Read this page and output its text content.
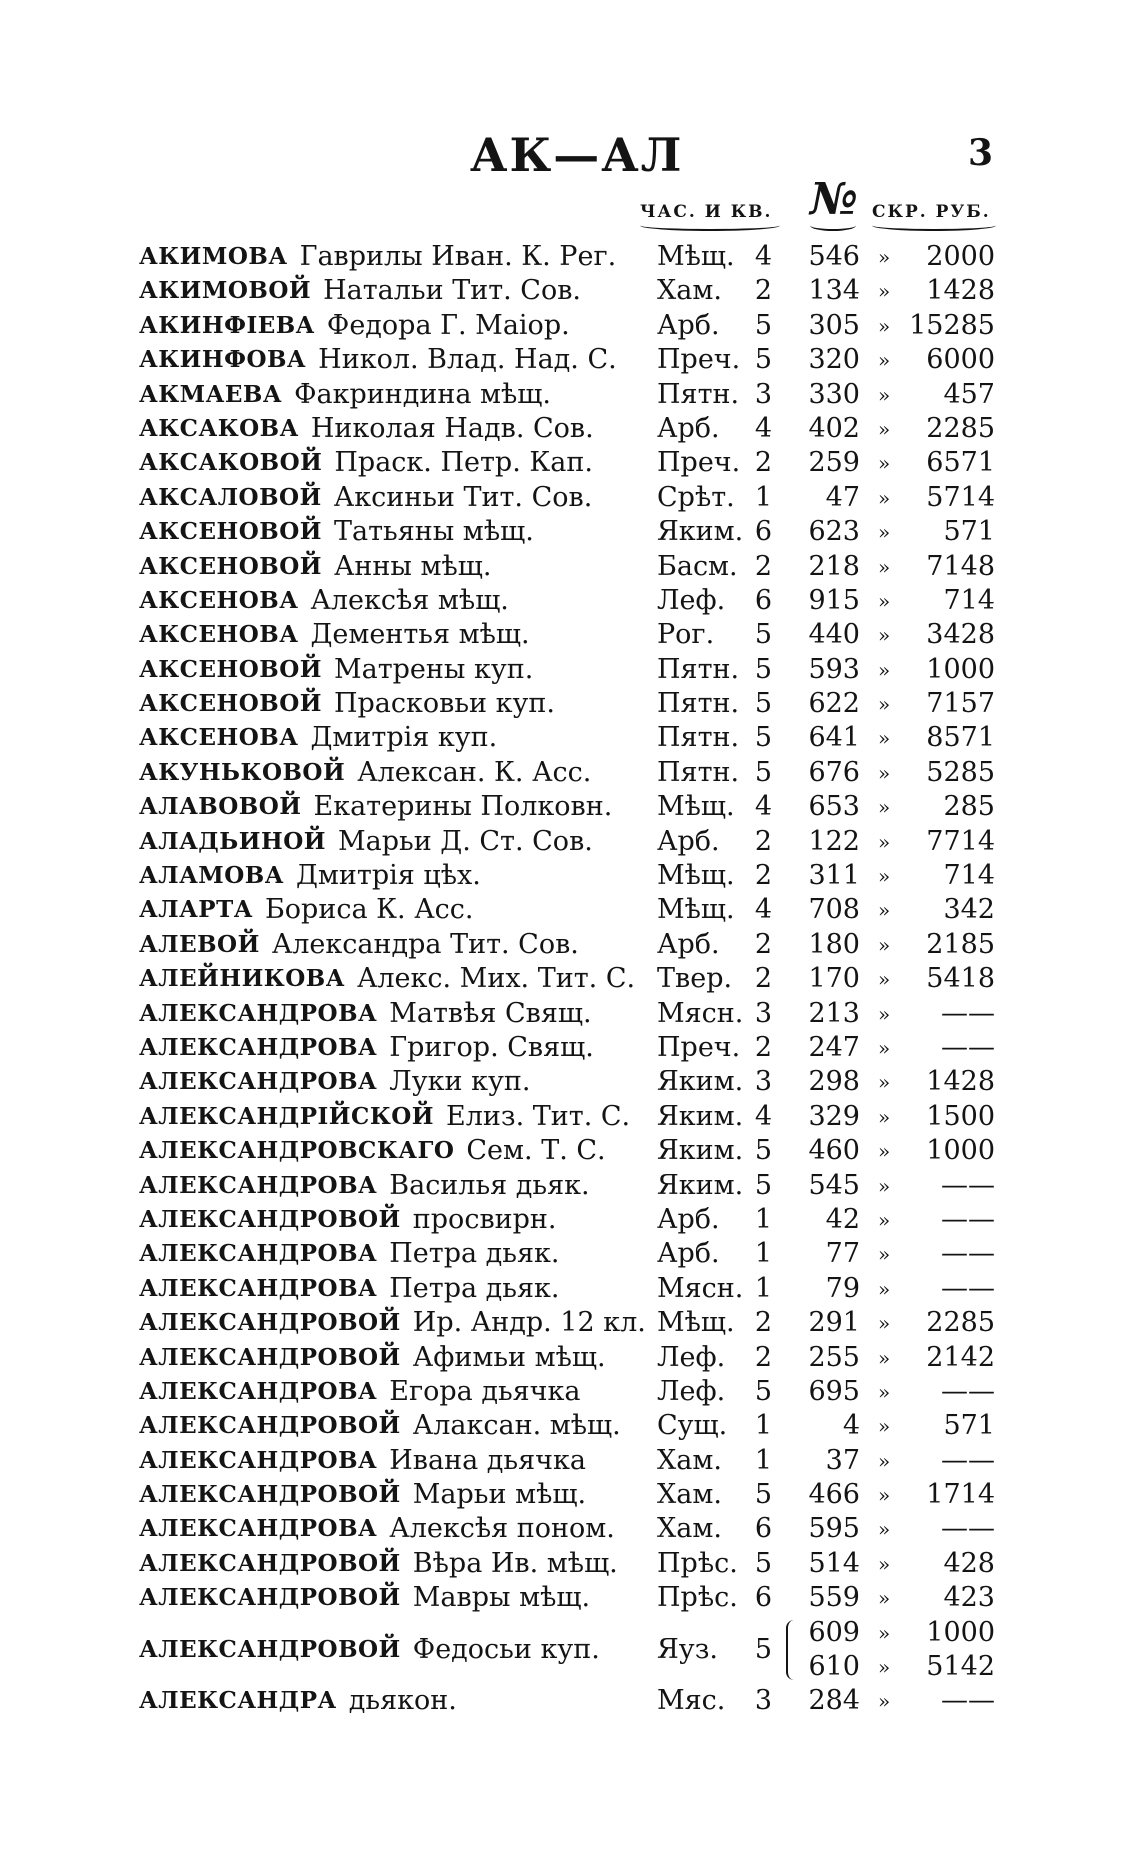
АК—АЛ	3
ЧАС. И КВ. № СКР. РУБ.
АКИМОВА Гаврилы Иван. К. Рег. Мѣщ. 4	546 »	2000
АКИМОВОЙ Натальи Тит. Сов.	Хам. 2	134 »	1428
АКИНФІЕВА Федора Г. Маіор.	Арб. 5	305 » 15285
АКИНФОВА Никол. Влад. Над. С. Преч. 5	320 »	6000
АКМАЕВА Факриндина мѣщ.	Пятн. 3	330 »	457
АКСАКОВА Николая Надв. Сов. Арб. 4	402 »	2285
АКСАКОВОЙ Праск. Петр. Кап. Преч. 2	259 »	6571
АКСАЛОВОЙ Аксиньи Тит. Сов. Срѣт. 1	47 »	5714
АКСЕНОВОЙ Татьяны мѣщ.	Яким. 6	623 »	571
АКСЕНОВОЙ Анны мѣщ.	Басм. 2	218 »	7148
АКСЕНОВА Алексѣя мѣщ.	Леф. 6	915 »	714
АКСЕНОВА Дементья мѣщ.	Рог. 5	440 »	3428
АКСЕНОВОЙ Матрены куп.	Пятн. 5	593 »	1000
АКСЕНОВОЙ Прасковьи куп.	Пятн. 5	622 »	7157
АКСЕНОВА Дмитрія куп.	Пятн. 5	641 »	8571
АКУНЬКОВОЙ Алексан. К. Асс. Пятн. 5	676 »	5285
АЛАВОВОЙ Екатерины Полковн. Мѣщ. 4	653 »	285
АЛАДЬИНОЙ Марьи Д. Ст. Сов. Арб. 2	122 »	7714
АЛАМОВА Дмитрія цѣх.	Мѣщ. 2	311 »	714
АЛАРТА Бориса К. Асс.	Мѣщ. 4	708 »	342
АЛЕВОЙ Александра Тит. Сов.	Арб. 2	180 »	2185
АЛЕЙНИКОВА Алекс. Мих. Тит. С. Твер. 2	170 »	5418
АЛЕКСАНДРОВА Матвѣя Свящ. Мясн. 3	213 »	——
АЛЕКСАНДРОВА Григор. Свящ. Преч. 2	247 »	——
АЛЕКСАНДРОВА Луки куп.	Яким. 3	298 »	1428
АЛЕКСАНДРІЙСКОЙ Елиз. Тит. С. Яким. 4	329 »	1500
АЛЕКСАНДРОВСКАГО Сем. Т. С. Яким. 5	460 »	1000
АЛЕКСАНДРОВА Василья дьяк. Яким. 5	545 »	——
АЛЕКСАНДРОВОЙ просвирн.	Арб. 1	42 »	——
АЛЕКСАНДРОВА Петра дьяк.	Арб. 1	77 »	——
АЛЕКСАНДРОВА Петра дьяк.	Мясн. 1	79 »	——
АЛЕКСАНДРОВОЙ Ир. Андр. 12 кл. Мѣщ. 2	291 »	2285
АЛЕКСАНДРОВОЙ Афимьи мѣщ. Леф. 2	255 »	2142
АЛЕКСАНДРОВА Егора дьячка	Леф. 5	695 »	——
АЛЕКСАНДРОВОЙ Алаксан. мѣщ. Сущ. 1	4 »	571
АЛЕКСАНДРОВА Ивана дьячка	Хам. 1	37 »	——
АЛЕКСАНДРОВОЙ Марьи мѣщ.	Хам. 5	466 »	1714
АЛЕКСАНДРОВА Алексѣя поном. Хам. 6	595 »	——
АЛЕКСАНДРОВОЙ Вѣра Ив. мѣщ. Прѣс. 5	514 »	428
АЛЕКСАНДРОВОЙ Мавры мѣщ. Прѣс. 6	559 »	423
АЛЕКСАНДРОВОЙ Федосьи куп. Яуз. 5
609 »	1000
610 »	5142
АЛЕКСАНДРА дьякон.	Мяс. 3	284 »	——
